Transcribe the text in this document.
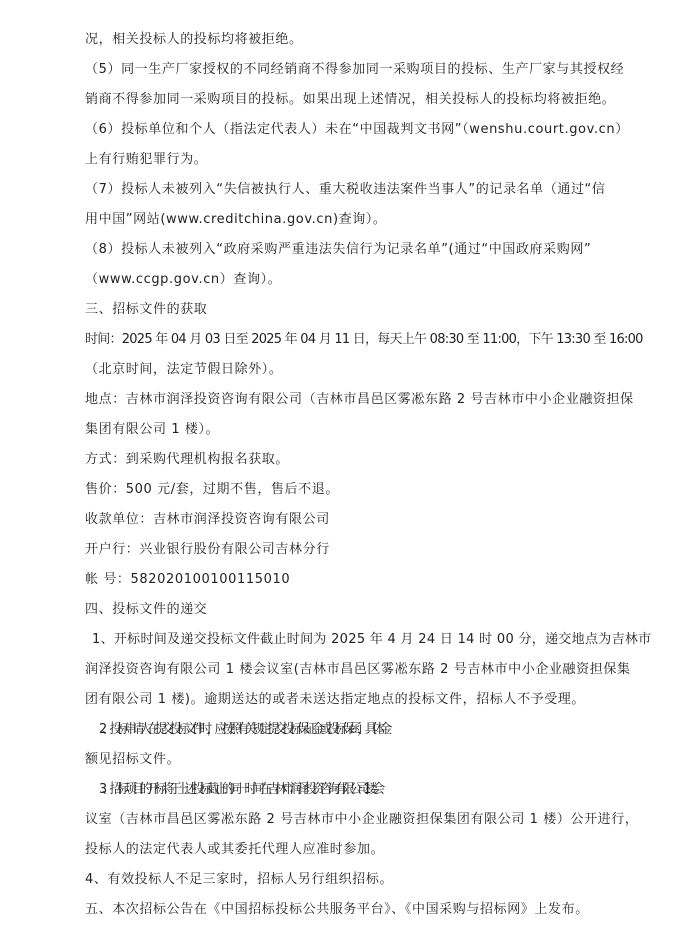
况，相关投标人的投标均将被拒绝。
（5）同一生产厂家授权的不同经销商不得参加同一采购项目的投标、生产厂家与其授权经
销商不得参加同一采购项目的投标。如果出现上述情况，相关投标人的投标均将被拒绝。
（6）投标单位和个人（指法定代表人）未在“中国裁判文书网”（wenshu.court.gov.cn）
上有行贿犯罪行为。
（7）投标人未被列入“失信被执行人、重大税收违法案件当事人”的记录名单（通过“信
用中国”网站(www.creditchina.gov.cn)查询）。
（8）投标人未被列入“政府采购严重违法失信行为记录名单”(通过“中国政府采购网”
（www.ccgp.gov.cn）查询）。
三、招标文件的获取
时间：2025 年 04 月 03 日至 2025 年 04 月 11 日，每天上午 08:30 至 11:00，下午 13:30 至 16:00
（北京时间，法定节假日除外）。
地点：吉林市润泽投资咨询有限公司（吉林市昌邑区雾凇东路 2 号吉林市中小企业融资担保
集团有限公司 1 楼）。
方式：到采购代理机构报名获取。
售价：500 元/套，过期不售，售后不退。
收款单位：吉林市润泽投资咨询有限公司
开户行：兴业银行股份有限公司吉林分行
帐 号：582020100100115010
四、投标文件的递交
1、开标时间及递交投标文件截止时间为 2025 年 4 月 24 日 14 时 00 分，递交地点为吉林市
润泽投资咨询有限公司 1 楼会议室(吉林市昌邑区雾凇东路 2 号吉林市中小企业融资担保集
团有限公司 1 楼)。逾期送达的或者未送达指定地点的投标文件，招标人不予受理。
2、投标申请人在提交投标文件时，应按照有关规定提交投标保证金或投标保函，具体金
额见招标文件。
3、招标项目的开标将于上述投标截止的同一时间在吉林市润泽投资咨询有限公司 1 楼会
议室（吉林市昌邑区雾凇东路 2 号吉林市中小企业融资担保集团有限公司 1 楼）公开进行，
投标人的法定代表人或其委托代理人应准时参加。
4、有效投标人不足三家时，招标人另行组织招标。
五、本次招标公告在《中国招标投标公共服务平台》、《中国采购与招标网》上发布。
